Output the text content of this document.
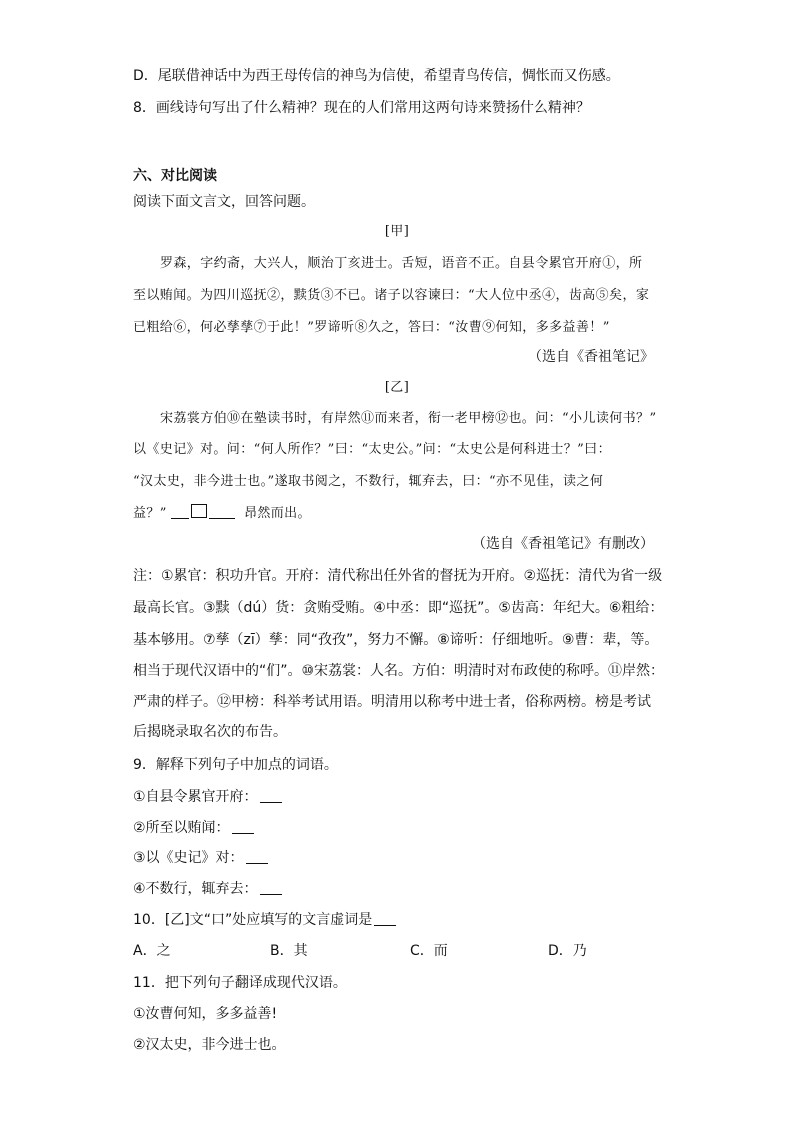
D．尾联借神话中为西王母传信的神鸟为信使，希望青鸟传信，惆怅而又伤感。
8．画线诗句写出了什么精神？现在的人们常用这两句诗来赞扬什么精神？
六、对比阅读
阅读下面文言文，回答问题。
[甲]
罗森，字约斋，大兴人，顺治丁亥进士。舌短，语音不正。自县令累官开府①，所
至以贿闻。为四川巡抚②，黩货③不已。诸子以容谏曰：“大人位中丞④，齿高⑤矣，家
已粗给⑥，何必孳孳⑦于此！”罗谛听⑧久之，答曰：“汝曹⑨何知，多多益善！”
（选自《香祖笔记》
[乙]
宋荔裳方伯⑩在塾读书时，有岸然⑪而来者，衔一老甲榜⑫也。问：“小儿读何书？”
以《史记》对。问：“何人所作？”曰：“太史公。”问：“太史公是何科进士？”曰：
“汉太史，非今进士也。”遂取书阅之，不数行，辄弃去，曰：“亦不见佳，读之何
益？”	昂然而出。
（选自《香祖笔记》有删改）
注：①累官：积功升官。开府：清代称出任外省的督抚为开府。②巡抚：清代为省一级
最高长官。③黩（dú）货：贪贿受贿。④中丞：即“巡抚”。⑤齿高：年纪大。⑥粗给：
基本够用。⑦孳（zī）孳：同“孜孜”，努力不懈。⑧谛听：仔细地听。⑨曹：辈，等。
相当于现代汉语中的“们”。⑩宋荔裳：人名。方伯：明清时对布政使的称呼。⑪岸然：
严肃的样子。⑫甲榜：科举考试用语。明清用以称考中进士者，俗称两榜。榜是考试
后揭晓录取名次的布告。
9．解释下列句子中加点的词语。
①自县令累官开府：
②所至以贿闻：
③以《史记》对：
④不数行，辄弃去：
10．[乙]文“口”处应填写的文言虚词是
A．之	B．其	C．而	D．乃
11．把下列句子翻译成现代汉语。
①汝曹何知，多多益善!
②汉太史，非今进士也。
